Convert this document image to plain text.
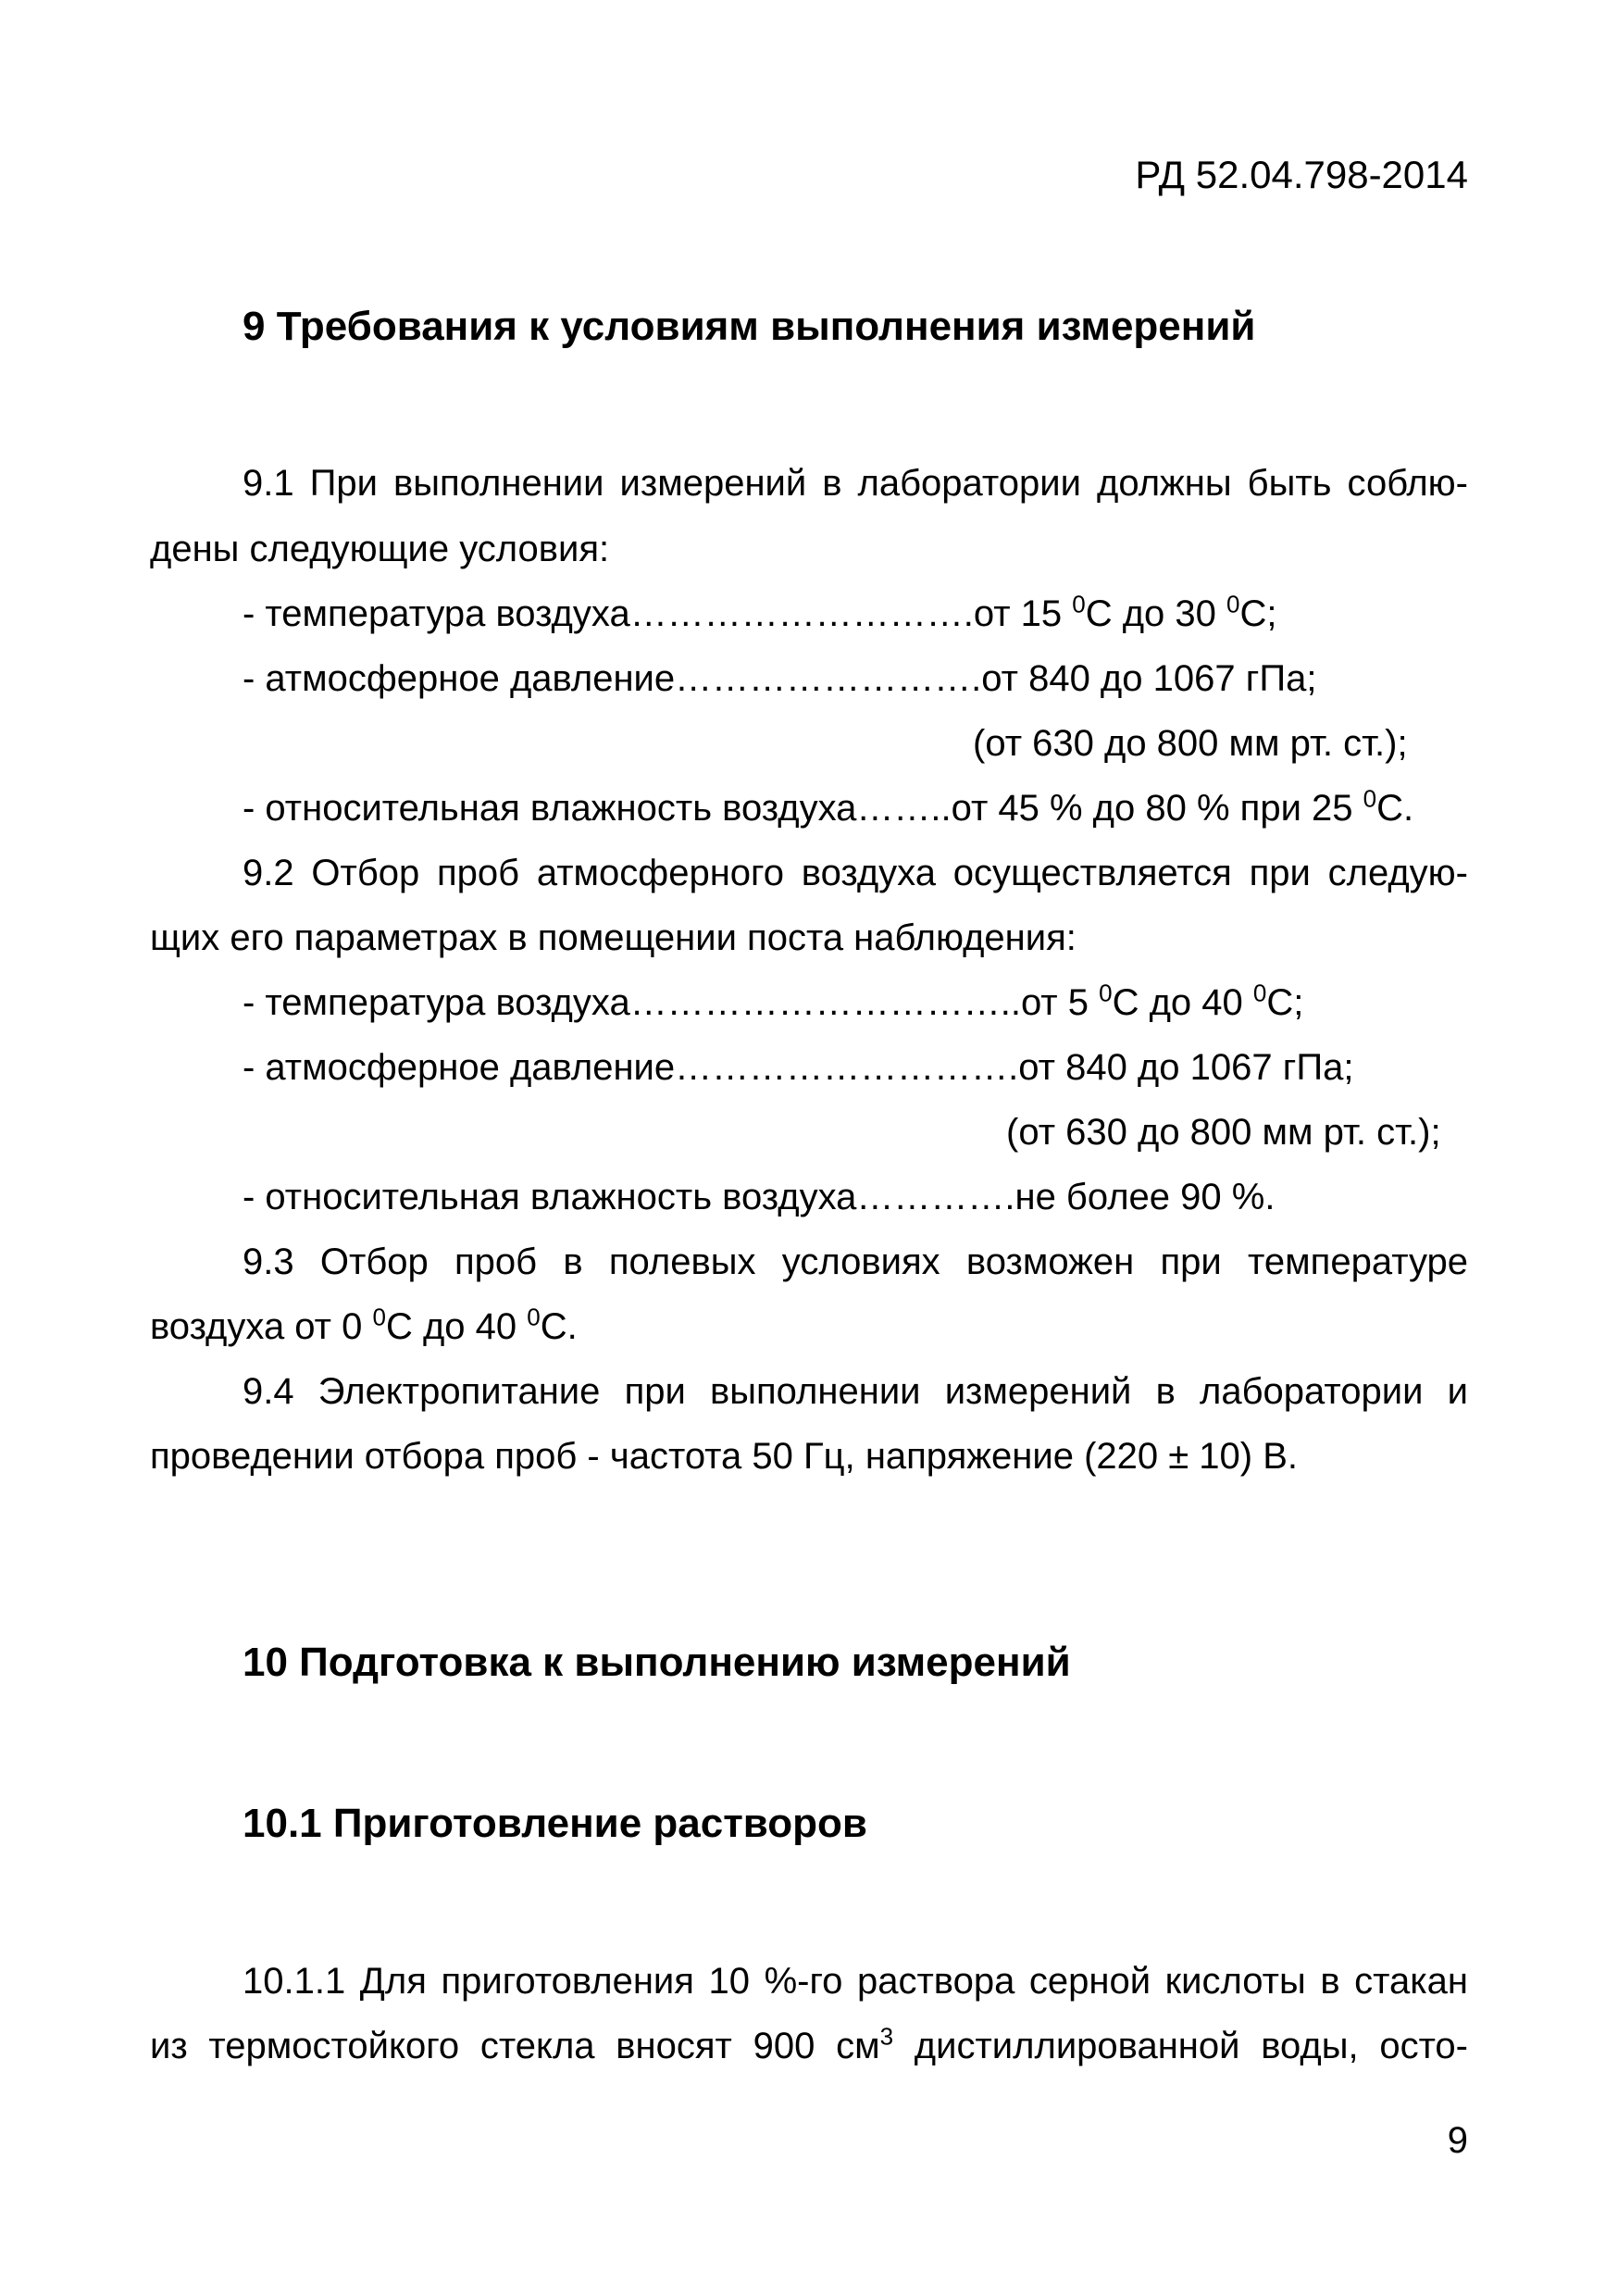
РД 52.04.798-2014
9 Требования к условиям выполнения измерений
9.1 При выполнении измерений в лаборатории должны быть соблю-
дены следующие условия:
- температура воздуха……………………….от 15 $^0$С до 30 $^0$С;
- атмосферное давление…………………….от 840 до 1067 гПа;
(от 630 до 800 мм рт. ст.);
- относительная влажность воздуха……..от 45 % до 80 % при 25 $^0$С.
9.2 Отбор проб атмосферного воздуха осуществляется при следую-
щих его параметрах в помещении поста наблюдения:
- температура воздуха…………………………..от 5 $^0$С до 40 $^0$С;
- атмосферное давление……………………….от 840 до 1067 гПа;
(от 630 до 800 мм рт. ст.);
- относительная влажность воздуха………….не более 90 %.
9.3 Отбор проб в полевых условиях возможен при температуре
воздуха от 0 $^0$С до 40 $^0$С.
9.4 Электропитание при выполнении измерений в лаборатории и
проведении отбора проб - частота 50 Гц, напряжение (220 ± 10) В.
10 Подготовка к выполнению измерений
10.1 Приготовление растворов
10.1.1 Для приготовления 10 %-го раствора серной кислоты в стакан
из термостойкого стекла вносят 900 $см^3$ дистиллированной воды, осто-
9
